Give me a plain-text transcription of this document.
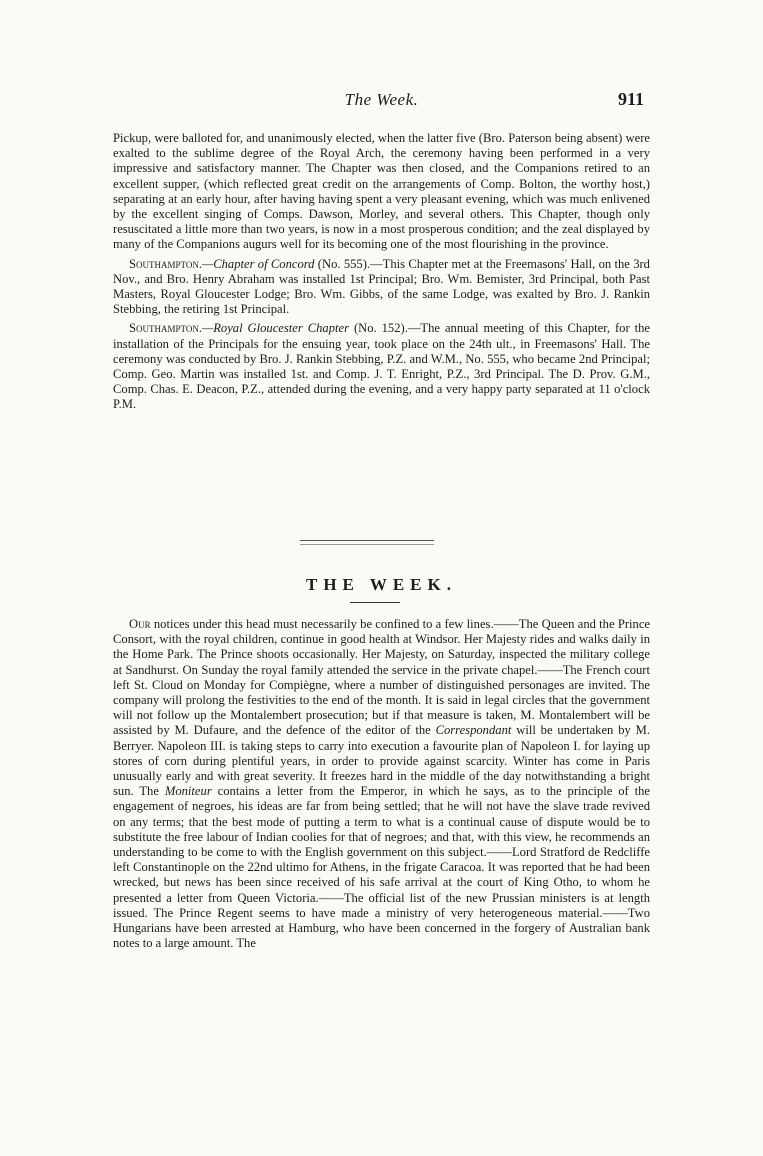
The Week.	911

Pickup, were balloted for, and unanimously elected, when the latter five (Bro. Paterson being absent) were exalted to the sublime degree of the Royal Arch, the ceremony having been performed in a very impressive and satisfactory manner. The Chapter was then closed, and the Companions retired to an excellent supper, (which reflected great credit on the arrangements of Comp. Bolton, the worthy host,) separating at an early hour, after having having spent a very pleasant evening, which was much enlivened by the excellent singing of Comps. Dawson, Morley, and several others. This Chapter, though only resuscitated a little more than two years, is now in a most prosperous condition; and the zeal displayed by many of the Companions augurs well for its becoming one of the most flourishing in the province.

Southampton.—Chapter of Concord (No. 555).—This Chapter met at the Freemasons' Hall, on the 3rd Nov., and Bro. Henry Abraham was installed 1st Principal; Bro. Wm. Bemister, 3rd Principal, both Past Masters, Royal Gloucester Lodge; Bro. Wm. Gibbs, of the same Lodge, was exalted by Bro. J. Rankin Stebbing, the retiring 1st Principal.

Southampton.—Royal Gloucester Chapter (No. 152).—The annual meeting of this Chapter, for the installation of the Principals for the ensuing year, took place on the 24th ult., in Freemasons' Hall. The ceremony was conducted by Bro. J. Rankin Stebbing, P.Z. and W.M., No. 555, who became 2nd Principal; Comp. Geo. Martin was installed 1st. and Comp. J. T. Enright, P.Z., 3rd Principal. The D. Prov. G.M., Comp. Chas. E. Deacon, P.Z., attended during the evening, and a very happy party separated at 11 o'clock P.M.

THE WEEK.

Our notices under this head must necessarily be confined to a few lines.——The Queen and the Prince Consort, with the royal children, continue in good health at Windsor. Her Majesty rides and walks daily in the Home Park. The Prince shoots occasionally. Her Majesty, on Saturday, inspected the military college at Sandhurst. On Sunday the royal family attended the service in the private chapel.——The French court left St. Cloud on Monday for Compiègne, where a number of distinguished personages are invited. The company will prolong the festivities to the end of the month. It is said in legal circles that the government will not follow up the Montalembert prosecution; but if that measure is taken, M. Montalembert will be assisted by M. Dufaure, and the defence of the editor of the Correspondant will be undertaken by M. Berryer. Napoleon III. is taking steps to carry into execution a favourite plan of Napoleon I. for laying up stores of corn during plentiful years, in order to provide against scarcity. Winter has come in Paris unusually early and with great severity. It freezes hard in the middle of the day notwithstanding a bright sun. The Moniteur contains a letter from the Emperor, in which he says, as to the principle of the engagement of negroes, his ideas are far from being settled; that he will not have the slave trade revived on any terms; that the best mode of putting a term to what is a continual cause of dispute would be to substitute the free labour of Indian coolies for that of negroes; and that, with this view, he recommends an understanding to be come to with the English government on this subject.——Lord Stratford de Redcliffe left Constantinople on the 22nd ultimo for Athens, in the frigate Caracoa. It was reported that he had been wrecked, but news has been since received of his safe arrival at the court of King Otho, to whom he presented a letter from Queen Victoria.——The official list of the new Prussian ministers is at length issued. The Prince Regent seems to have made a ministry of very heterogeneous material.——Two Hungarians have been arrested at Hamburg, who have been concerned in the forgery of Australian bank notes to a large amount. The
